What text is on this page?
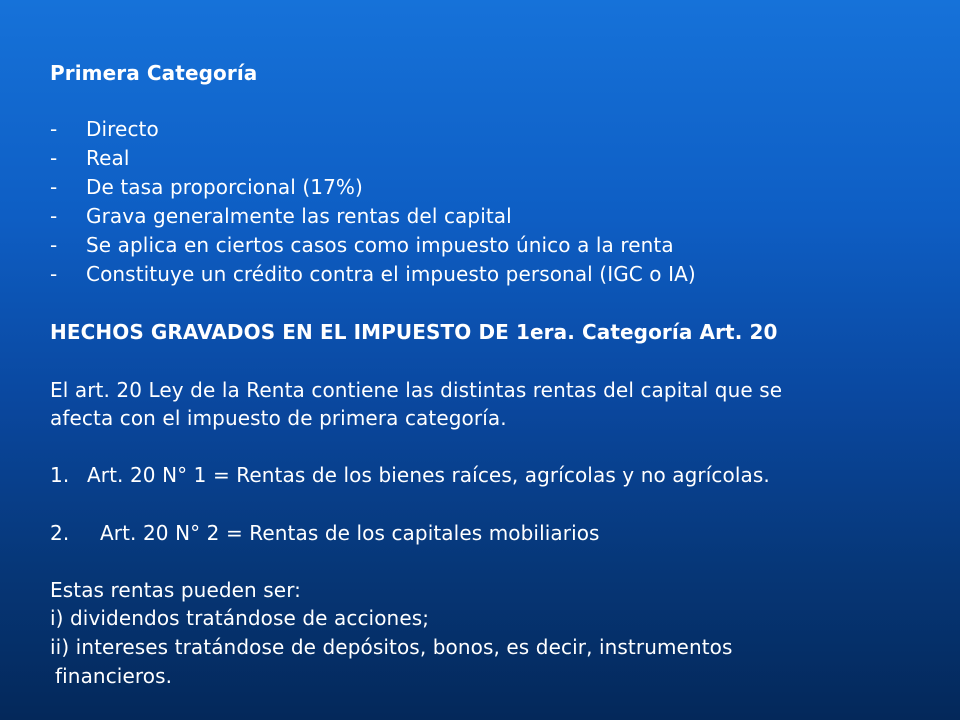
Primera Categoría
- Directo
- Real
- De tasa proporcional (17%)
- Grava generalmente las rentas del capital
- Se aplica en ciertos casos como impuesto único a la renta
- Constituye un crédito contra el impuesto personal (IGC o IA)
HECHOS GRAVADOS EN EL IMPUESTO DE 1era. Categoría Art. 20
El art. 20 Ley de la Renta contiene las distintas rentas del capital que se
afecta con el impuesto de primera categoría.
1. Art. 20 N° 1 = Rentas de los bienes raíces, agrícolas y no agrícolas.
2. Art. 20 N° 2 = Rentas de los capitales mobiliarios
Estas rentas pueden ser:
i) dividendos tratándose de acciones;
ii) intereses tratándose de depósitos, bonos, es decir, instrumentos
financieros.
